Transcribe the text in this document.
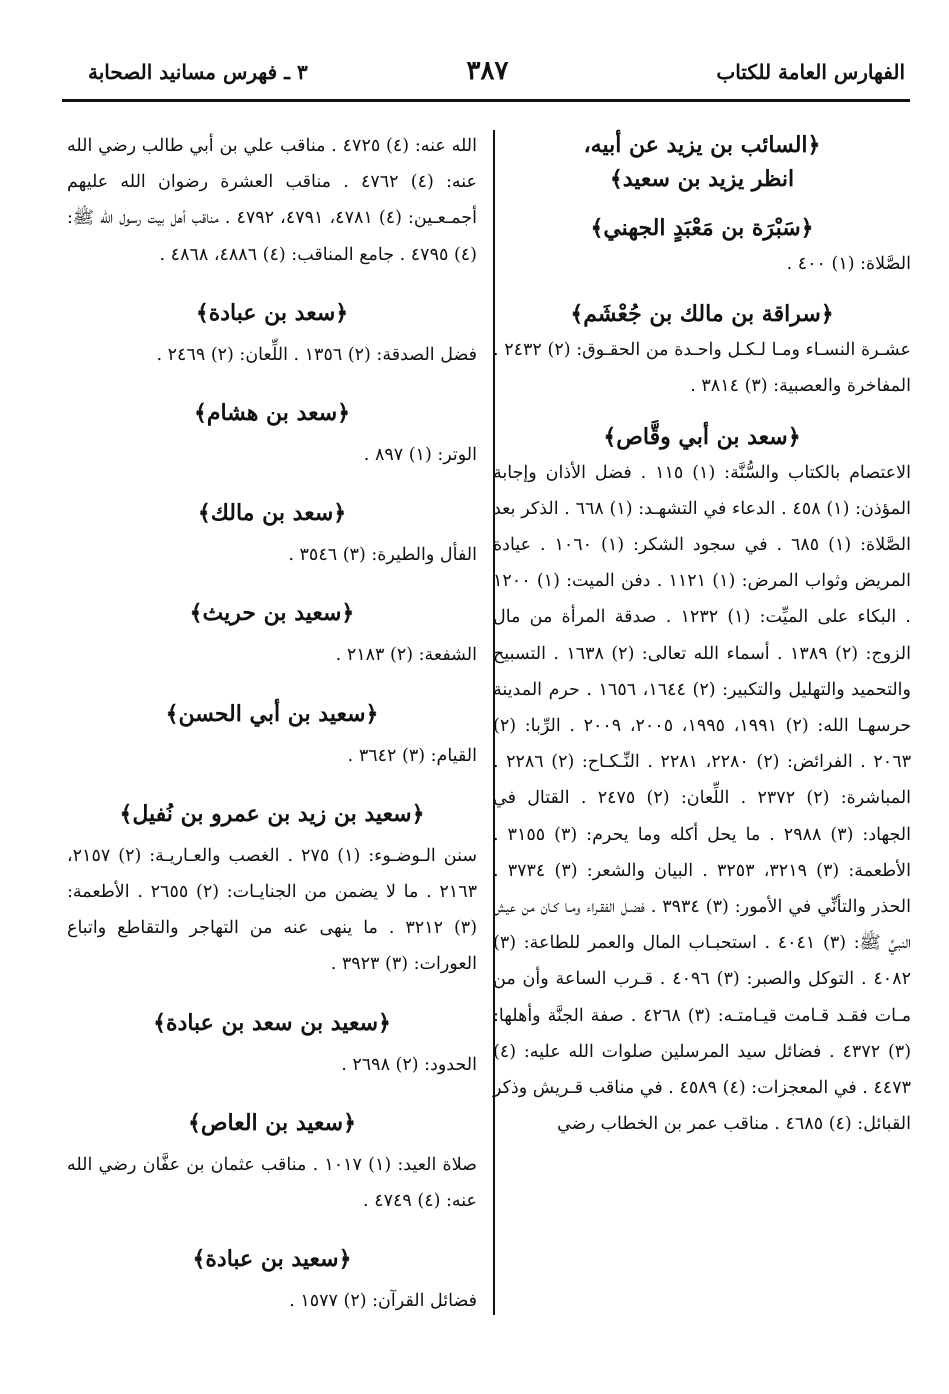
الفهارس العامة للكتاب
٣٨٧
٣ ـ فهرس مسانيد الصحابة
﴿السائب بن يزيد عن أبيه،
انظر يزيد بن سعيد﴾
﴿سَبْرَة بن مَعْبَدٍ الجهني﴾
الصَّلاة: (١) ٤٠٠ .
﴿سراقة بن مالك بن جُعْشَم﴾
عشـرة النسـاء ومـا لـكـل واحـدة من الحقـوق: (٢) ٢٤٣٢ . المفاخرة والعصبية: (٣) ٣٨١٤ .
﴿سعد بن أبي وقَّاص﴾
الاعتصام بالكتاب والسُّنَّة: (١) ١١٥ . فضل الأذان وإجابة المؤذن: (١) ٤٥٨ . الدعاء في التشهـد: (١) ٦٦٨ . الذكر بعد الصَّلاة: (١) ٦٨٥ . في سجود الشكر: (١) ١٠٦٠ . عيادة المريض وثواب المرض: (١) ١١٢١ . دفن الميت: (١) ١٢٠٠ . البكاء على الميِّت: (١) ١٢٣٢ . صدقة المرأة من مال الزوج: (٢) ١٣٨٩ . أسماء الله تعالى: (٢) ١٦٣٨ . التسبيح والتحميد والتهليل والتكبير: (٢) ١٦٤٤، ١٦٥٦ . حرم المدينة حرسهـا الله: (٢) ١٩٩١، ١٩٩٥، ٢٠٠٥، ٢٠٠٩ . الرِّبا: (٢) ٢٠٦٣ . الفرائض: (٢) ٢٢٨٠، ٢٢٨١ . النِّـكـاح: (٢) ٢٢٨٦ . المباشرة: (٢) ٢٣٧٢ . اللِّعان: (٢) ٢٤٧٥ . القتال في الجهاد: (٣) ٢٩٨٨ . ما يحل أكله وما يحرم: (٣) ٣١٥٥ . الأطعمة: (٣) ٣٢١٩، ٣٢٥٣ . البيان والشعر: (٣) ٣٧٣٤ . الحذر والتأنِّي في الأمور: (٣) ٣٩٣٤ . فضـل الفقـراء ومـا كـان من عيش النبيِّ ﷺ: (٣) ٤٠٤١ . استحبـاب المال والعمر للطاعة: (٣) ٤٠٨٢ . التوكل والصبر: (٣) ٤٠٩٦ . قـرب الساعة وأن من مـات فقـد قـامت قيـامتـه: (٣) ٤٢٦٨ . صفة الجنَّة وأهلها: (٣) ٤٣٧٢ . فضائل سيد المرسلين صلوات الله عليه: (٤) ٤٤٧٣ . في المعجزات: (٤) ٤٥٨٩ . في مناقب قـريش وذكر القبائل: (٤) ٤٦٨٥ . مناقب عمر بن الخطاب رضي
الله عنه: (٤) ٤٧٢٥ . مناقب علي بن أبي طالب رضي الله عنه: (٤) ٤٧٦٢ . مناقب العشرة رضوان الله عليهم أجمـعـين: (٤) ٤٧٨١، ٤٧٩١، ٤٧٩٢ . مناقب أهل بيت رسول الله ﷺ: (٤) ٤٧٩٥ . جامع المناقب: (٤) ٤٨٨٦، ٤٨٦٨ .
﴿سعد بن عبادة﴾
فضل الصدقة: (٢) ١٣٥٦ . اللِّعان: (٢) ٢٤٦٩ .
﴿سعد بن هشام﴾
الوتر: (١) ٨٩٧ .
﴿سعد بن مالك﴾
الفأل والطيرة: (٣) ٣٥٤٦ .
﴿سعيد بن حريث﴾
الشفعة: (٢) ٢١٨٣ .
﴿سعيد بن أبي الحسن﴾
القيام: (٣) ٣٦٤٢ .
﴿سعيد بن زيد بن عمرو بن نُفيل﴾
سنن الـوضـوء: (١) ٢٧٥ . الغصب والعـاريـة: (٢) ٢١٥٧، ٢١٦٣ . ما لا يضمن من الجنايـات: (٢) ٢٦٥٥ . الأطعمة: (٣) ٣٢١٢ . ما ينهى عنه من التهاجر والتقاطع واتباع العورات: (٣) ٣٩٢٣ .
﴿سعيد بن سعد بن عبادة﴾
الحدود: (٢) ٢٦٩٨ .
﴿سعيد بن العاص﴾
صلاة العيد: (١) ١٠١٧ . مناقب عثمان بن عفَّان رضي الله عنه: (٤) ٤٧٤٩ .
﴿سعيد بن عبادة﴾
فضائل القرآن: (٢) ١٥٧٧ .
